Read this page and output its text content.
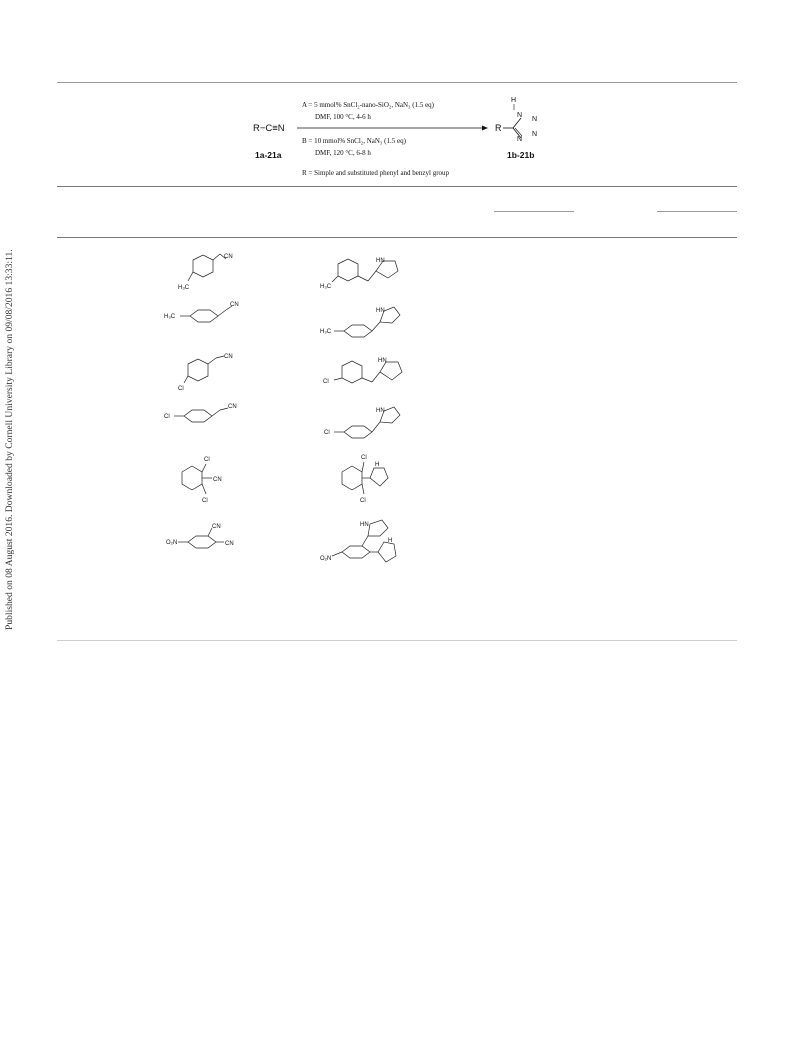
Published on 08 August 2016. Downloaded by Cornell University Library on 09/08/2016 13:33:11.
R−C≡N
1a-21a
A = 5 mmol% SnCl₂-nano-SiO₂, NaN₃ (1.5 eq)
DMF, 100 °C, 4-6 h
B = 10 mmol% SnCl₂, NaN₃ (1.5 eq)
DMF, 120 °C, 6-8 h
R = Simple and substituted phenyl and benzyl group
R
H
N
N
N
N
1b-21b
CN
H₃C
HN
H₃C
H₃C
CN
H₃C
HN
CN
Cl
HN
Cl
Cl
CN
Cl
HN
Cl
CN
Cl
Cl
H
Cl
O₂N
CN
CN
O₂N
HN
H
